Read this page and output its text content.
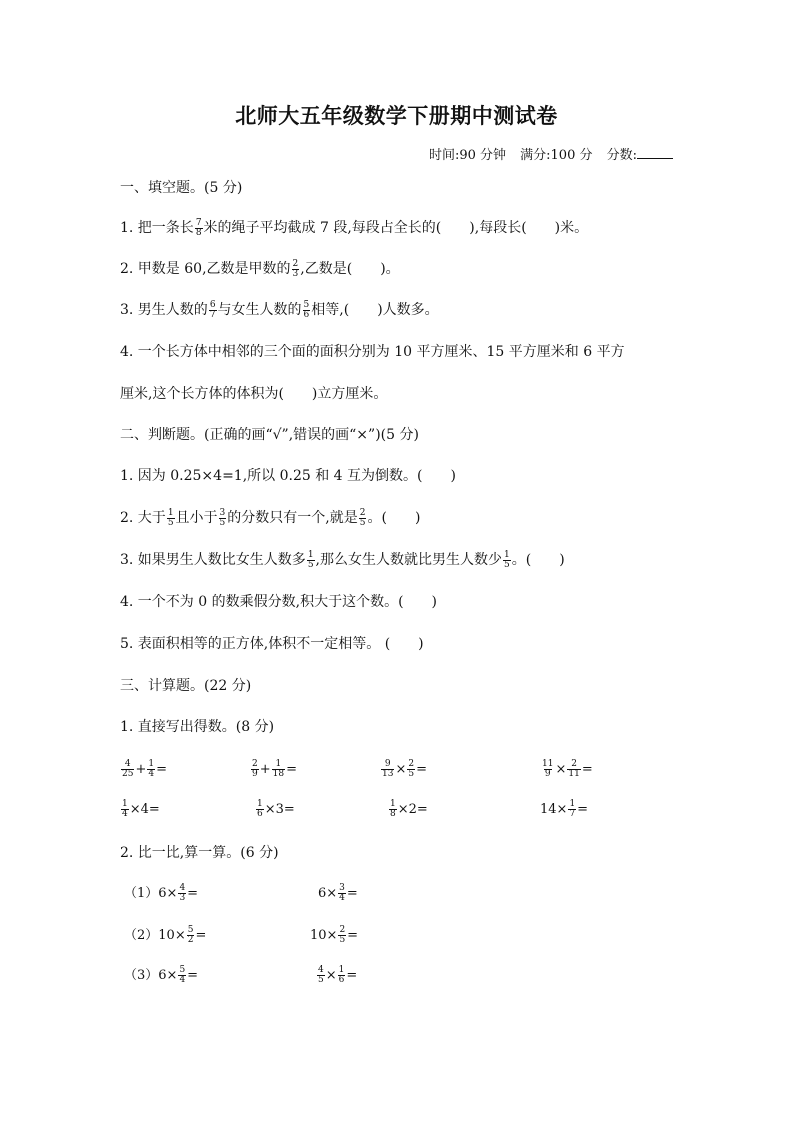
北师大五年级数学下册期中测试卷
时间:90 分钟 满分:100 分 分数:
一、填空题。(5 分)
1. 把一条长 $\frac{7}{8}$ 米的绳子平均截成 7 段,每段占全长的( ),每段长( )米。
2. 甲数是 60,乙数是甲数的 $\frac{2}{3}$ ,乙数是( )。
3. 男生人数的 $\frac{6}{7}$ 与女生人数的 $\frac{5}{6}$ 相等,( )人数多。
4. 一个长方体中相邻的三个面的面积分别为 10 平方厘米、15 平方厘米和 6 平方
厘米,这个长方体的体积为( )立方厘米。
二、判断题。(正确的画“√”,错误的画“×”)(5 分)
1. 因为 0.25×4=1,所以 0.25 和 4 互为倒数。( )
2. 大于 $\frac{1}{5}$ 且小于 $\frac{3}{5}$ 的分数只有一个,就是 $\frac{2}{5}$ 。( )
3. 如果男生人数比女生人数多 $\frac{1}{5}$ ,那么女生人数就比男生人数少 $\frac{1}{5}$ 。( )
4. 一个不为 0 的数乘假分数,积大于这个数。( )
5. 表面积相等的正方体,体积不一定相等。 ( )
三、计算题。(22 分)
1. 直接写出得数。(8 分)
$\frac{4}{25} + \frac{1}{4}$ =	$\frac{2}{9} + \frac{1}{18}$ =	$\frac{9}{13} \times \frac{2}{5}$ =	$\frac{11}{9} \times \frac{2}{11}$ =
$\frac{1}{4} \times 4=$	$\frac{1}{6} \times 3=$	$\frac{1}{8} \times 2=$	$14\times \frac{1}{7}$ =
2. 比一比,算一算。(6 分)
$(1)6\times \frac{4}{3}$ =	$6\times \frac{3}{4}$ =
$(2)10\times \frac{5}{2}$ =	$10\times \frac{2}{5}$ =
$(3)6\times \frac{5}{4}$ =	$\frac{4}{5} \times \frac{1}{6}$ =
